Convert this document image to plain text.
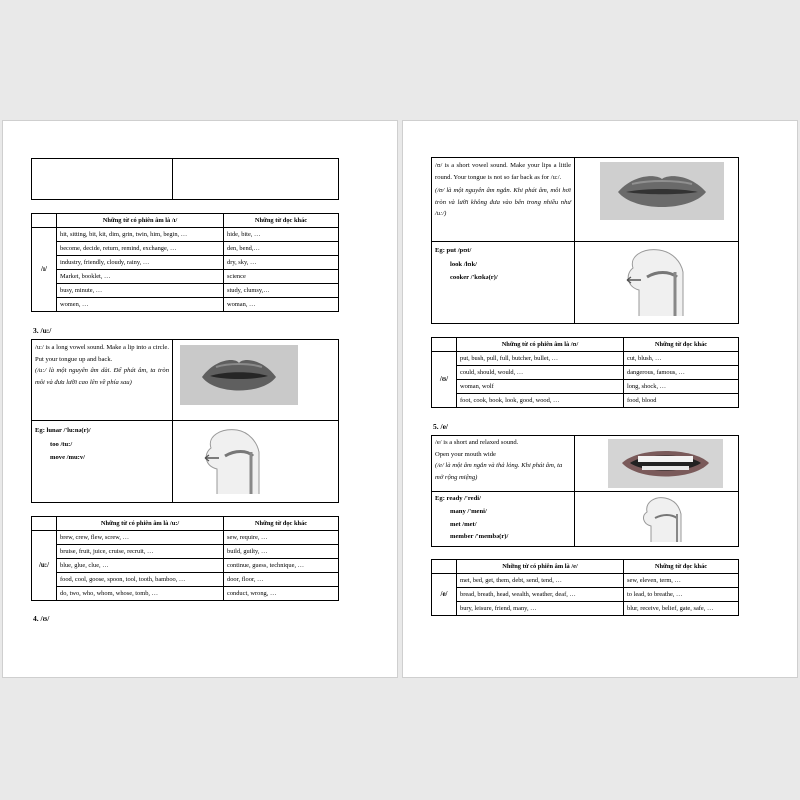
	Những từ có phiên âm là /ɪ/	Những từ đọc khác
/ɪ/	hit, sitting, bit, kit, dim, grin, twin, him, begin, …	hide, bite, …
	become, decide, return, remind, exchange, …	den, bend,…
	industry, friendly, cloudy, rainy, …	dry, sky, …
	Market, booklet, …	science
	busy, minute, …	study, clumsy,…
	women, …	woman, …
3. /u:/
/u:/ is a long vowel sound. Make a lip into a circle. Put your tongue up and back.
(/u:/ là một nguyên âm dài. Để phát âm, ta tròn môi và đưa lưỡi cao lên về phía sau)
Eg: lunar /'lu:nə(r)/
too /tu:/
move /mu:v/
	Những từ có phiên âm là /u:/	Những từ đọc khác
/u:/	brew, crew, flew, screw, …	sew, require, …
	bruise, fruit, juice, cruise, recruit, …	build, guilty, …
	blue, glue, clue, …	continue, guess, technique, …
	food, cool, goose, spoon, tool, tooth, bamboo, …	door, floor, …
	do, two, who, whom, whose, tomb, …	conduct, wrong, …
4. /ʊ/
/ʊ/ is a short vowel sound. Make your lips a little round. Your tongue is not so far back as for /u:/.
(/ʊ/ là một nguyên âm ngắn. Khi phát âm, môi hơi tròn và lưỡi không đưa vào bên trong nhiều như /u:/)
Eg: put /pʊt/
look /lʊk/
cooker /'kʊkə(r)/
	Những từ có phiên âm là /ʊ/	Những từ đọc khác
/ʊ/	put, bush, pull, full, butcher, bullet, …	cut, blush, …
	could, should, would, …	dangerous, famous, …
	woman, wolf	long, shock, …
	foot, cook, book, look, good, wood, …	food, blood
5. /e/
/e/ is a short and relaxed sound.
Open your mouth wide
(/e/ là một âm ngắn và thả lỏng. Khi phát âm, ta mở rộng miệng)
Eg: ready /'redi/
many /'meni/
met /met/
member /'membə(r)/
	Những từ có phiên âm là /e/	Những từ đọc khác
/e/	met, bed, get, them, debt, send, tend, …	sew, eleven, term, …
	bread, breath, head, wealth, weather, deaf, …	to lead, to breathe, …
	bury, leisure, friend, many, …	blur, receive, belief, gate, safe, …
